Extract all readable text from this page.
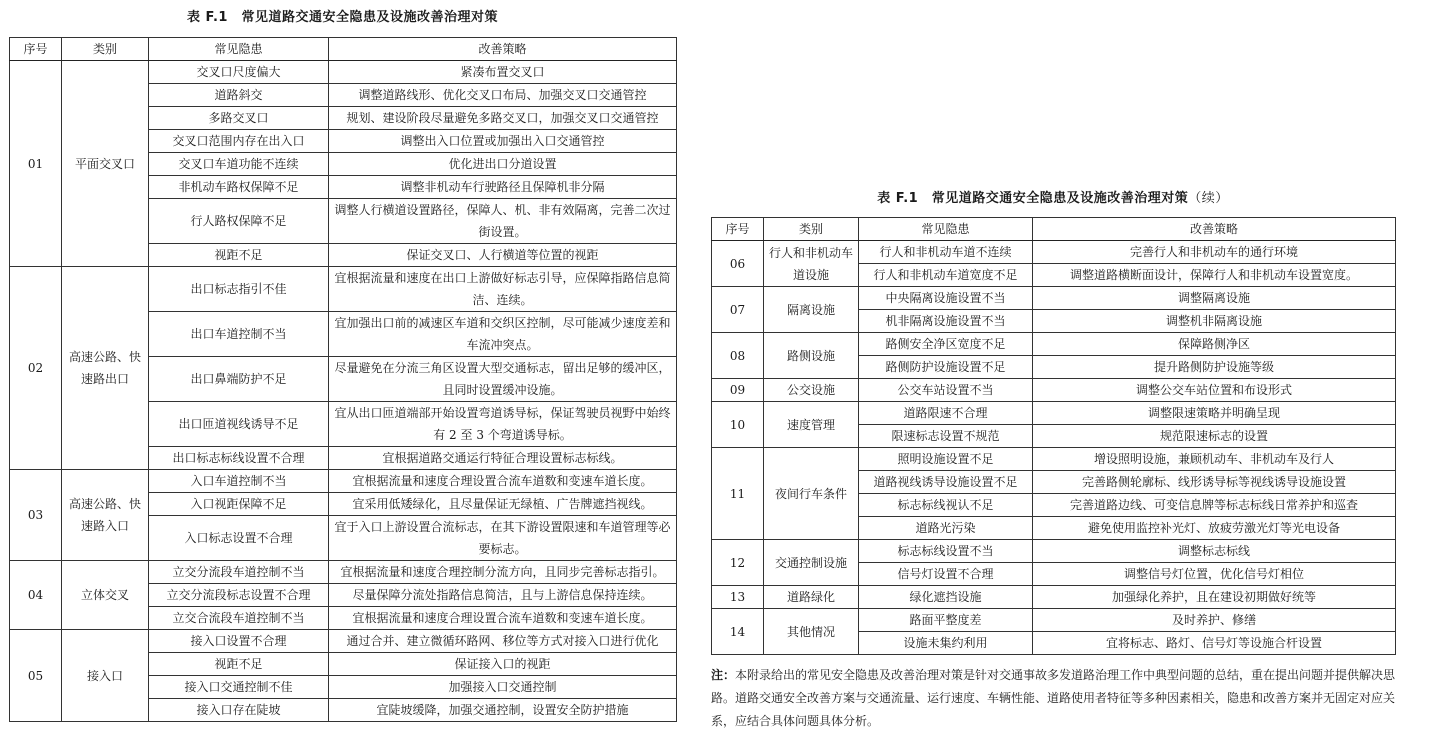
表 F.1　常见道路交通安全隐患及设施改善治理对策
序号	类别	常见隐患	改善策略
01	平面交叉口	交叉口尺度偏大	紧凑布置交叉口
		道路斜交	调整道路线形、优化交叉口布局、加强交叉口交通管控
		多路交叉口	规划、建设阶段尽量避免多路交叉口，加强交叉口交通管控
		交叉口范围内存在出入口	调整出入口位置或加强出入口交通管控
		交叉口车道功能不连续	优化进出口分道设置
		非机动车路权保障不足	调整非机动车行驶路径且保障机非分隔
		行人路权保障不足	调整人行横道设置路径，保障人、机、非有效隔离，完善二次过街设置。
		视距不足	保证交叉口、人行横道等位置的视距
02	高速公路、快速路出口	出口标志指引不佳	宜根据流量和速度在出口上游做好标志引导，应保障指路信息简洁、连续。
		出口车道控制不当	宜加强出口前的减速区车道和交织区控制，尽可能减少速度差和车流冲突点。
		出口鼻端防护不足	尽量避免在分流三角区设置大型交通标志，留出足够的缓冲区，且同时设置缓冲设施。
		出口匝道视线诱导不足	宜从出口匝道端部开始设置弯道诱导标，保证驾驶员视野中始终有 2 至 3 个弯道诱导标。
		出口标志标线设置不合理	宜根据道路交通运行特征合理设置标志标线。
03	高速公路、快速路入口	入口车道控制不当	宜根据流量和速度合理设置合流车道数和变速车道长度。
		入口视距保障不足	宜采用低矮绿化，且尽量保证无绿植、广告牌遮挡视线。
		入口标志设置不合理	宜于入口上游设置合流标志，在其下游设置限速和车道管理等必要标志。
04	立体交叉	立交分流段车道控制不当	宜根据流量和速度合理控制分流方向，且同步完善标志指引。
		立交分流段标志设置不合理	尽量保障分流处指路信息简洁，且与上游信息保持连续。
		立交合流段车道控制不当	宜根据流量和速度合理设置合流车道数和变速车道长度。
05	接入口	接入口设置不合理	通过合并、建立微循环路网、移位等方式对接入口进行优化
		视距不足	保证接入口的视距
		接入口交通控制不佳	加强接入口交通控制
		接入口存在陡坡	宜陡坡缓降，加强交通控制，设置安全防护措施
表 F.1　常见道路交通安全隐患及设施改善治理对策（续）
序号	类别	常见隐患	改善策略
06	行人和非机动车道设施	行人和非机动车道不连续	完善行人和非机动车的通行环境
		行人和非机动车道宽度不足	调整道路横断面设计，保障行人和非机动车设置宽度。
07	隔离设施	中央隔离设施设置不当	调整隔离设施
		机非隔离设施设置不当	调整机非隔离设施
08	路侧设施	路侧安全净区宽度不足	保障路侧净区
		路侧防护设施设置不足	提升路侧防护设施等级
09	公交设施	公交车站设置不当	调整公交车站位置和布设形式
10	速度管理	道路限速不合理	调整限速策略并明确呈现
		限速标志设置不规范	规范限速标志的设置
11	夜间行车条件	照明设施设置不足	增设照明设施，兼顾机动车、非机动车及行人
		道路视线诱导设施设置不足	完善路侧轮廓标、线形诱导标等视线诱导设施设置
		标志标线视认不足	完善道路边线、可变信息牌等标志标线日常养护和巡查
		道路光污染	避免使用监控补光灯、放疲劳激光灯等光电设备
12	交通控制设施	标志标线设置不当	调整标志标线
		信号灯设置不合理	调整信号灯位置，优化信号灯相位
13	道路绿化	绿化遮挡设施	加强绿化养护，且在建设初期做好统等
14	其他情况	路面平整度差	及时养护、修缮
		设施未集约利用	宜将标志、路灯、信号灯等设施合杆设置
注：本附录给出的常见安全隐患及改善治理对策是针对交通事故多发道路治理工作中典型问题的总结，重在提出问题并提供解决思路。道路交通安全改善方案与交通流量、运行速度、车辆性能、道路使用者特征等多种因素相关，隐患和改善方案并无固定对应关系，应结合具体问题具体分析。
